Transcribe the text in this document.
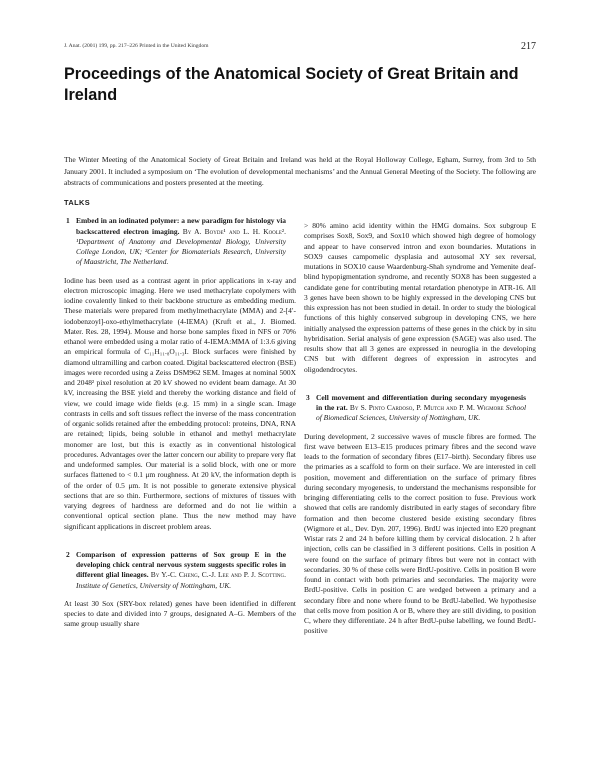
J. Anat. (2001) 199, pp. 217–226 Printed in the United Kingdom	217
Proceedings of the Anatomical Society of Great Britain and Ireland

The Winter Meeting of the Anatomical Society of Great Britain and Ireland was held at the Royal Holloway College, Egham, Surrey, from 3rd to 5th January 2001. It included a symposium on ‘The evolution of developmental mechanisms’ and the Annual General Meeting of the Society. The following are abstracts of communications and posters presented at the meeting.

TALKS
1 Embed in an iodinated polymer: a new paradigm for histology via backscattered electron imaging. By A. Boyde¹ and L. H. Koole². ¹Department of Anatomy and Developmental Biology, University College London, UK; ²Center for Biomaterials Research, University of Maastricht, The Netherland.

Iodine has been used as a contrast agent in prior applications in x-ray and electron microscopic imaging. Here we used methacrylate copolymers with iodine covalently linked to their backbone structure as embedding medium. These materials were prepared from methylmethacrylate (MMA) and 2-[4′-iodobenzoyl]-oxo-ethylmethacrylate (4-IEMA) (Kruft et al., J. Biomed. Mater. Res. 28, 1994). Mouse and horse bone samples fixed in NFS or 70% ethanol were embedded using a molar ratio of 4-IEMA:MMA of 1:3.6 giving an empirical formula of C₁₁H₁₁.₈O₁₁.₃I. Block surfaces were finished by diamond ultramilling and carbon coated. Digital backscattered electron (BSE) images were recorded using a Zeiss DSM962 SEM. Images at nominal 500X and 2048² pixel resolution at 20 kV showed no evident beam damage. At 30 kV, increasing the BSE yield and thereby the working distance and field of view, we could image wide fields (e.g. 15 mm) in a single scan. Image contrasts in cells and soft tissues reflect the inverse of the mass concentration of organic solids retained after the embedding protocol: proteins, DNA, RNA are retained; lipids, being soluble in ethanol and methyl methacrylate monomer are lost, but this is exactly as in conventional histological procedures. Advantages over the latter concern our ability to prepare very flat and undeformed samples. Our material is a solid block, with one or more surfaces flattened to < 0.1 μm roughness. At 20 kV, the information depth is of the order of 0.5 μm. It is not possible to generate extensive physical sections that are so thin. Furthermore, sections of mixtures of tissues with varying degrees of hardness are deformed and do not lie within a conventional optical section plane. Thus the new method may have significant applications in discreet problem areas.

2 Comparison of expression patterns of Sox group E in the developing chick central nervous system suggests specific roles in different glial lineages. By Y.-C. Cheng, C.-J. Lee and P. J. Scotting. Institute of Genetics, University of Nottingham, UK.

At least 30 Sox (SRY-box related) genes have been identified in different species to date and divided into 7 groups, designated A–G. Members of the same group usually share

> 80% amino acid identity within the HMG domains. Sox subgroup E comprises Sox8, Sox9, and Sox10 which showed high degree of homology and appear to have conserved intron and exon boundaries. Mutations in SOX9 causes campomelic dysplasia and autosomal XY sex reversal, mutations in SOX10 cause Waardenburg-Shah syndrome and Yemenite deaf-blind hypopigmentation syndrome, and recently SOX8 has been suggested a candidate gene for contributing mental retardation phenotype in ATR-16. All 3 genes have been shown to be highly expressed in the developing CNS but this expression has not been studied in detail. In order to study the biological functions of this highly conserved subgroup in developing CNS, we here initially analysed the expression patterns of these genes in the chick by in situ hybridisation. Serial analysis of gene expression (SAGE) was also used. The results show that all 3 genes are expressed in neuroglia in the developing CNS but with different degrees of expression in astrocytes and oligodendrocytes.

3 Cell movement and differentiation during secondary myogenesis in the rat. By S. Pinto Cardoso, P. Mutch and P. M. Wigmore School of Biomedical Sciences, University of Nottingham, UK.

During development, 2 successive waves of muscle fibres are formed. The first wave between E13–E15 produces primary fibres and the second wave leads to the formation of secondary fibres (E17–birth). Secondary fibres use the primaries as a scaffold to form on their surface. We are interested in cell position, movement and differentiation on the surface of primary fibres during secondary myogenesis, to understand the mechanisms responsible for bringing differentiating cells to the correct position to fuse. Previous work showed that cells are randomly distributed in early stages of secondary fibre formation and then become clustered beside existing secondary fibres (Wigmore et al., Dev. Dyn. 207, 1996). BrdU was injected into E20 pregnant Wistar rats 2 and 24 h before killing them by cervical dislocation. 2 h after injection, cells can be classified in 3 different positions. Cells in position A were found on the surface of primary fibres but were not in contact with secondaries. 30 % of these cells were BrdU-positive. Cells in position B were found in contact with both primaries and secondaries. The majority were BrdU-positive. Cells in position C are wedged between a primary and a secondary fibre and none where found to be BrdU-labelled. We hypothesise that cells move from position A or B, where they are still dividing, to position C, where they differentiate. 24 h after BrdU-pulse labelling, we found BrdU-positive
